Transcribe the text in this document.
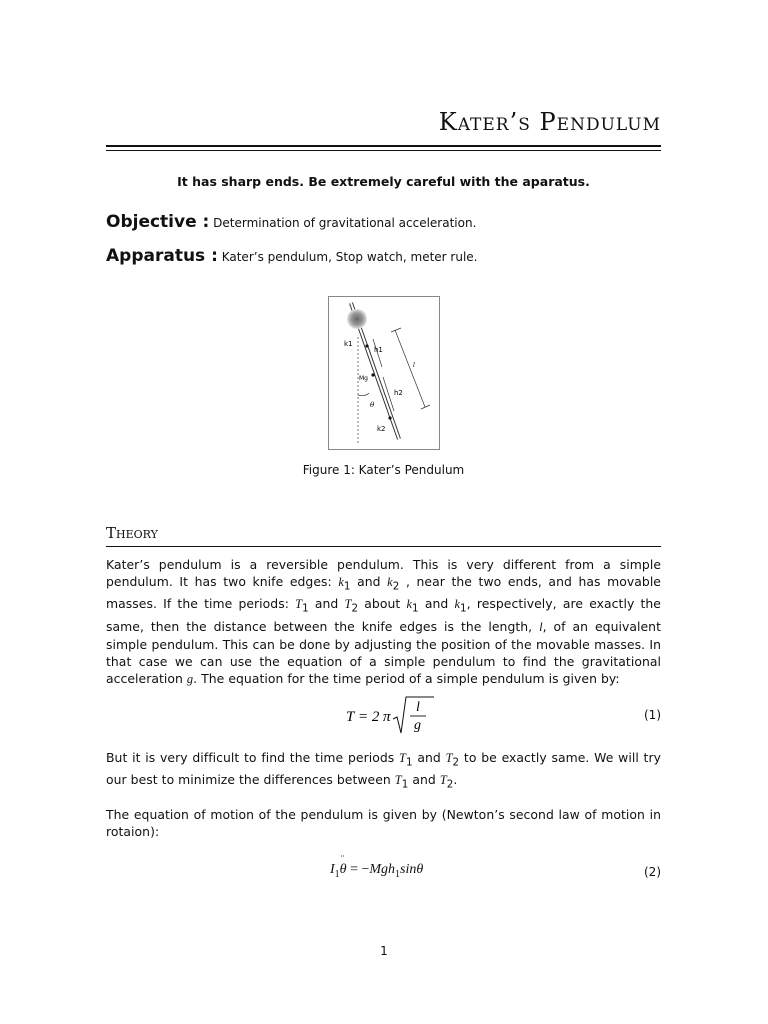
Kater’s Pendulum
It has sharp ends. Be extremely careful with the aparatus.
Objective : Determination of gravitational acceleration.
Apparatus : Kater’s pendulum, Stop watch, meter rule.
k1
h1
Mg
h2
θ
k2
l
Figure 1: Kater’s Pendulum
Theory
Kater’s pendulum is a reversible pendulum. This is very different from a simple pendulum. It has two knife edges: $k_1$ and $k_2$ , near the two ends, and has movable masses. If the time periods: $T_1$ and $T_2$ about $k_1$ and $k_1$, respectively, are exactly the same, then the distance between the knife edges is the length, l, of an equivalent simple pendulum. This can be done by adjusting the position of the movable masses. In that case we can use the equation of a simple pendulum to find the gravitational acceleration g. The equation for the time period of a simple pendulum is given by:
T = 2 π
l
g
(1)
But it is very difficult to find the time periods $T_1$ and $T_2$ to be exactly same. We will try our best to minimize the differences between $T_1$ and $T_2$.
The equation of motion of the pendulum is given by (Newton’s second law of motion in rotaion):
$I_1\theta$
¨
= −Mgh$_1$sinθ	(2)
1
